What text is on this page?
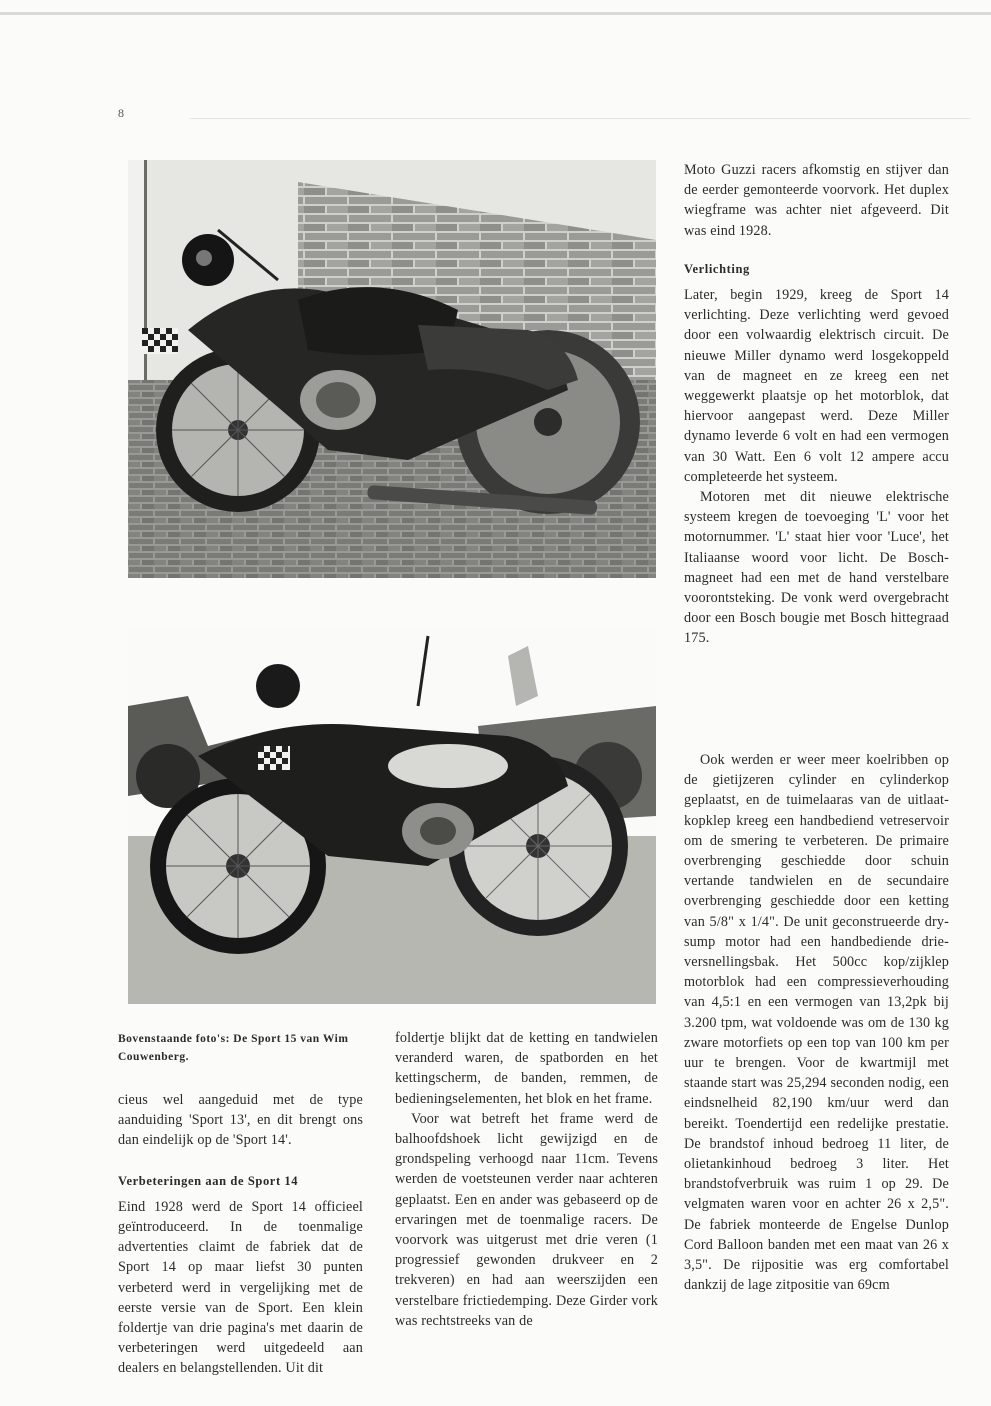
8
Bovenstaande foto's: De Sport 15 van Wim Couwenberg.

cieus wel aangeduid met de type aanduiding 'Sport 13', en dit brengt ons dan eindelijk op de 'Sport 14'.

Verbeteringen aan de Sport 14

Eind 1928 werd de Sport 14 officieel geïntroduceerd. In de toenmalige advertenties claimt de fabriek dat de Sport 14 op maar liefst 30 punten verbeterd werd in vergelijking met de eerste versie van de Sport. Een klein foldertje van drie pagina's met daarin de verbeteringen werd uitgedeeld aan dealers en belangstellenden. Uit dit

foldertje blijkt dat de ketting en tandwielen veranderd waren, de spatborden en het kettingscherm, de banden, remmen, de bedieningselementen, het blok en het frame.

Voor wat betreft het frame werd de balhoofdshoek licht gewijzigd en de grondspeling verhoogd naar 11cm. Tevens werden de voetsteunen verder naar achteren geplaatst. Een en ander was gebaseerd op de ervaringen met de toenmalige racers. De voorvork was uitgerust met drie veren (1 progressief gewonden drukveer en 2 trekveren) en had aan weerszijden een verstelbare frictiedemping. Deze Girder vork was rechtstreeks van de

Moto Guzzi racers afkomstig en stijver dan de eerder gemonteerde voorvork. Het duplex wiegframe was achter niet afgeveerd. Dit was eind 1928.

Verlichting

Later, begin 1929, kreeg de Sport 14 verlichting. Deze verlichting werd gevoed door een volwaardig elektrisch circuit. De nieuwe Miller dynamo werd losgekoppeld van de magneet en ze kreeg een net weggewerkt plaatsje op het motorblok, dat hiervoor aangepast werd. Deze Miller dynamo leverde 6 volt en had een vermogen van 30 Watt. Een 6 volt 12 ampere accu completeerde het systeem.

Motoren met dit nieuwe elektrische systeem kregen de toevoeging 'L' voor het motornummer. 'L' staat hier voor 'Luce', het Italiaanse woord voor licht. De Bosch-magneet had een met de hand verstelbare voorontsteking. De vonk werd overgebracht door een Bosch bougie met Bosch hittegraad 175.

Ook werden er weer meer koelribben op de gietijzeren cylinder en cylinderkop geplaatst, en de tuimelaaras van de uitlaat-kopklep kreeg een handbediend vetreservoir om de smering te verbeteren. De primaire overbrenging geschiedde door schuin vertande tandwielen en de secundaire overbrenging geschiedde door een ketting van 5/8" x 1/4". De unit geconstrueerde dry-sump motor had een handbediende drie-versnellingsbak. Het 500cc kop/zijklep motorblok had een compressieverhouding van 4,5:1 en een vermogen van 13,2pk bij 3.200 tpm, wat voldoende was om de 130 kg zware motorfiets op een top van 100 km per uur te brengen. Voor de kwartmijl met staande start was 25,294 seconden nodig, een eindsnelheid 82,190 km/uur werd dan bereikt. Toendertijd een redelijke prestatie. De brandstof inhoud bedroeg 11 liter, de olietankinhoud bedroeg 3 liter. Het brandstofverbruik was ruim 1 op 29. De velgmaten waren voor en achter 26 x 2,5". De fabriek monteerde de Engelse Dunlop Cord Balloon banden met een maat van 26 x 3,5". De rijpositie was erg comfortabel dankzij de lage zitpositie van 69cm
